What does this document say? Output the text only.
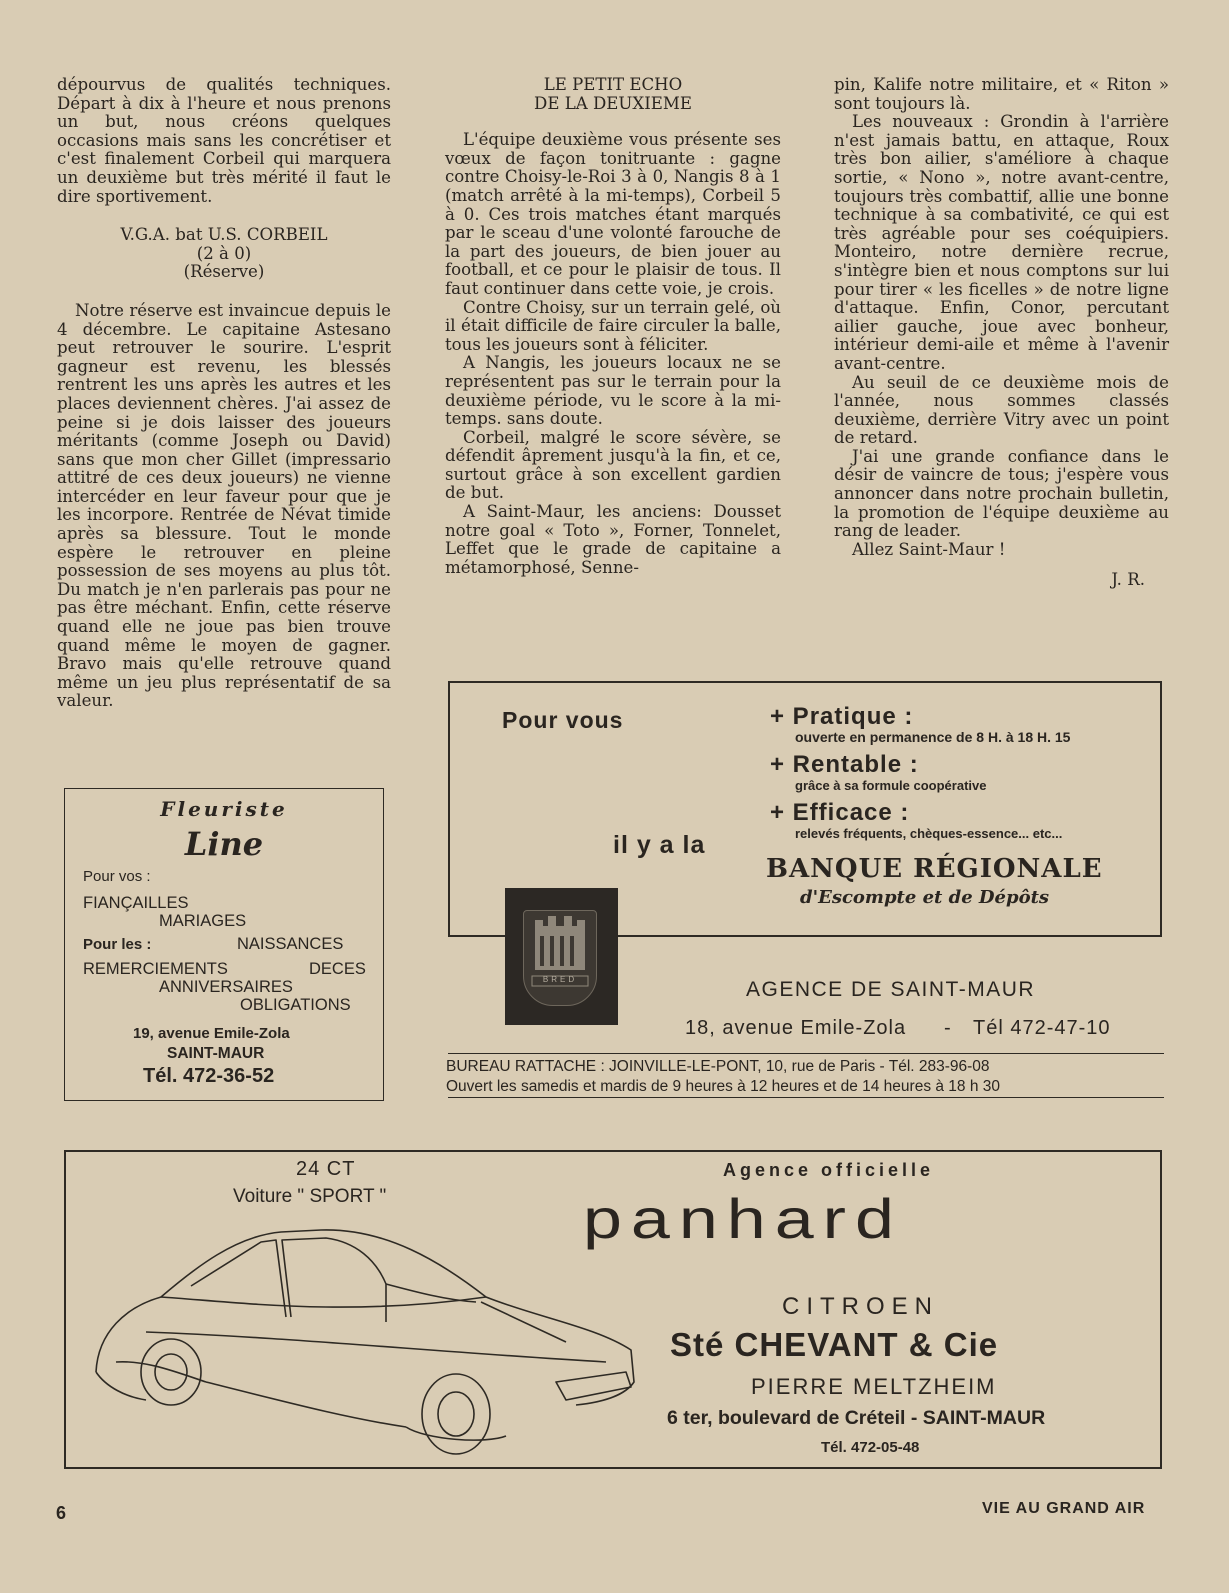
dépourvus de qualités techniques. Départ à dix à l'heure et nous prenons un but, nous créons quelques occasions mais sans les concrétiser et c'est finalement Corbeil qui marquera un deuxième but très mérité il faut le dire sportivement.

V.G.A. bat U.S. CORBEIL
(2 à 0)
(Réserve)

Notre réserve est invaincue depuis le 4 décembre. Le capitaine Astesano peut retrouver le sourire. L'esprit gagneur est revenu, les blessés rentrent les uns après les autres et les places deviennent chères. J'ai assez de peine si je dois laisser des joueurs méritants (comme Joseph ou David) sans que mon cher Gillet (impressario attitré de ces deux joueurs) ne vienne intercéder en leur faveur pour que je les incorpore. Rentrée de Névat timide après sa blessure. Tout le monde espère le retrouver en pleine possession de ses moyens au plus tôt. Du match je n'en parlerais pas pour ne pas être méchant. Enfin, cette réserve quand elle ne joue pas bien trouve quand même le moyen de gagner. Bravo mais qu'elle retrouve quand même un jeu plus représentatif de sa valeur.

LE PETIT ECHO
DE LA DEUXIEME

L'équipe deuxième vous présente ses vœux de façon tonitruante : gagne contre Choisy-le-Roi 3 à 0, Nangis 8 à 1 (match arrêté à la mi-temps), Corbeil 5 à 0. Ces trois matches étant marqués par le sceau d'une volonté farouche de la part des joueurs, de bien jouer au football, et ce pour le plaisir de tous. Il faut continuer dans cette voie, je crois.

Contre Choisy, sur un terrain gelé, où il était difficile de faire circuler la balle, tous les joueurs sont à féliciter.

A Nangis, les joueurs locaux ne se représentent pas sur le terrain pour la deuxième période, vu le score à la mi-temps. sans doute.

Corbeil, malgré le score sévère, se défendit âprement jusqu'à la fin, et ce, surtout grâce à son excellent gardien de but.

A Saint-Maur, les anciens: Dousset notre goal « Toto », Forner, Tonnelet, Leffet que le grade de capitaine a métamorphosé, Senne-

pin, Kalife notre militaire, et « Riton » sont toujours là.

Les nouveaux : Grondin à l'arrière n'est jamais battu, en attaque, Roux très bon ailier, s'améliore à chaque sortie, « Nono », notre avant-centre, toujours très combattif, allie une bonne technique à sa combativité, ce qui est très agréable pour ses coéquipiers. Monteiro, notre dernière recrue, s'intègre bien et nous comptons sur lui pour tirer « les ficelles » de notre ligne d'attaque. Enfin, Conor, percutant ailier gauche, joue avec bonheur, intérieur demi-aile et même à l'avenir avant-centre.

Au seuil de ce deuxième mois de l'année, nous sommes classés deuxième, derrière Vitry avec un point de retard.

J'ai une grande confiance dans le désir de vaincre de tous; j'espère vous annoncer dans notre prochain bulletin, la promotion de l'équipe deuxième au rang de leader.

Allez Saint-Maur !

J. R.
Fleuriste
Line
Pour vos :
FIANÇAILLES
MARIAGES
Pour les :	NAISSANCES
REMERCIEMENTS	DECES
ANNIVERSAIRES
OBLIGATIONS
19, avenue Emile-Zola
SAINT-MAUR
Tél. 472-36-52
Pour vous	+ Pratique :
ouverte en permanence de 8 H. à 18 H. 15
+ Rentable :
grâce à sa formule coopérative
+ Efficace :
relevés fréquents, chèques-essence... etc...
il y a la
BANQUE RÉGIONALE
d'Escompte et de Dépôts
BRED	AGENCE DE SAINT-MAUR
18, avenue Emile-Zola - Tél 472-47-10
BUREAU RATTACHE : JOINVILLE-LE-PONT, 10, rue de Paris - Tél. 283-96-08
Ouvert les samedis et mardis de 9 heures à 12 heures et de 14 heures à 18 h 30
24 CT
Voiture " SPORT "
Agence officielle
panhard
CITROEN
Sté CHEVANT & Cie
PIERRE MELTZHEIM
6 ter, boulevard de Créteil - SAINT-MAUR
Tél. 472-05-48
6	VIE AU GRAND AIR
